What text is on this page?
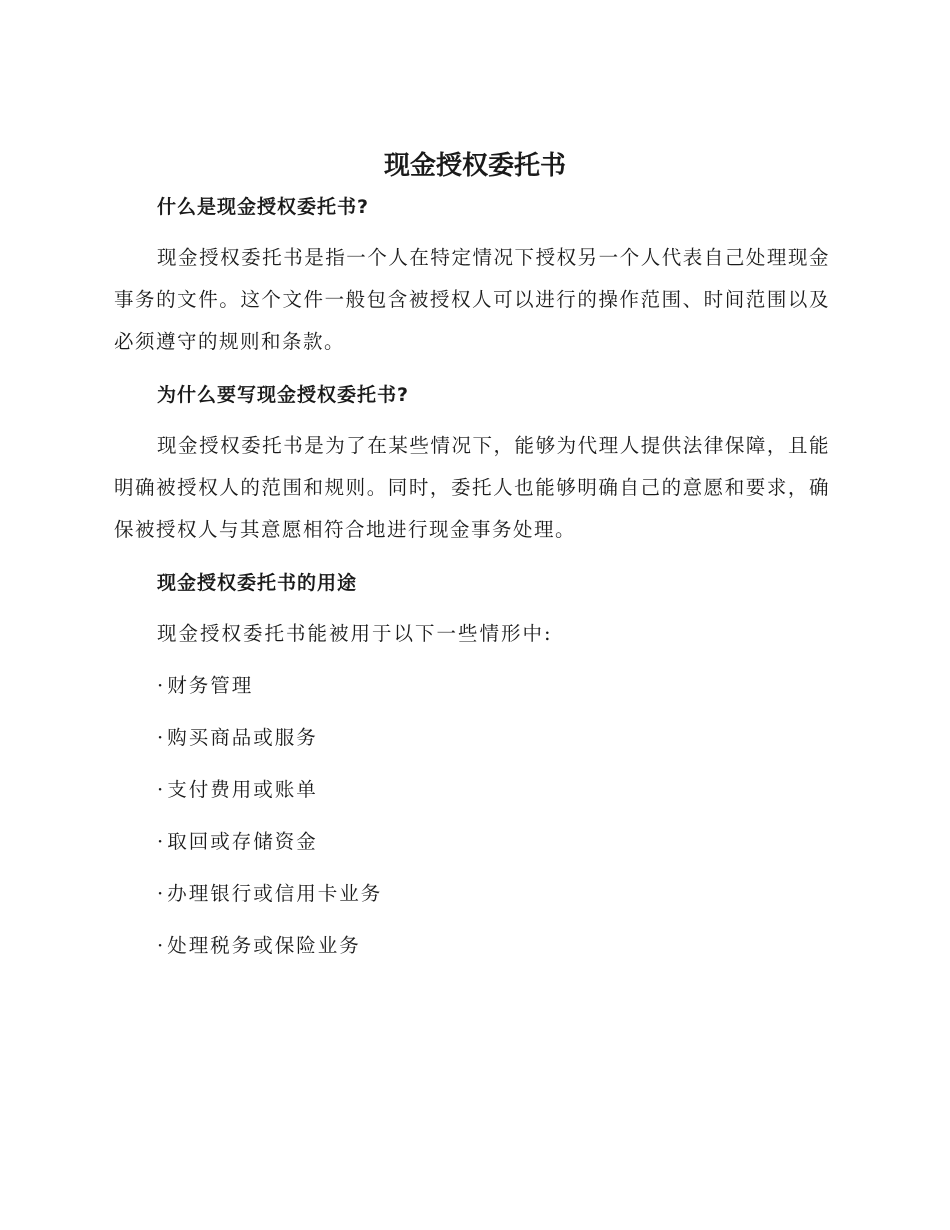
现金授权委托书
什么是现金授权委托书?
现金授权委托书是指一个人在特定情况下授权另一个人代表自己处理现金事务的文件。这个文件一般包含被授权人可以进行的操作范围、时间范围以及必须遵守的规则和条款。
为什么要写现金授权委托书?
现金授权委托书是为了在某些情况下，能够为代理人提供法律保障，且能明确被授权人的范围和规则。同时，委托人也能够明确自己的意愿和要求，确保被授权人与其意愿相符合地进行现金事务处理。
现金授权委托书的用途
现金授权委托书能被用于以下一些情形中:
· 财务管理
· 购买商品或服务
· 支付费用或账单
· 取回或存储资金
· 办理银行或信用卡业务
· 处理税务或保险业务
